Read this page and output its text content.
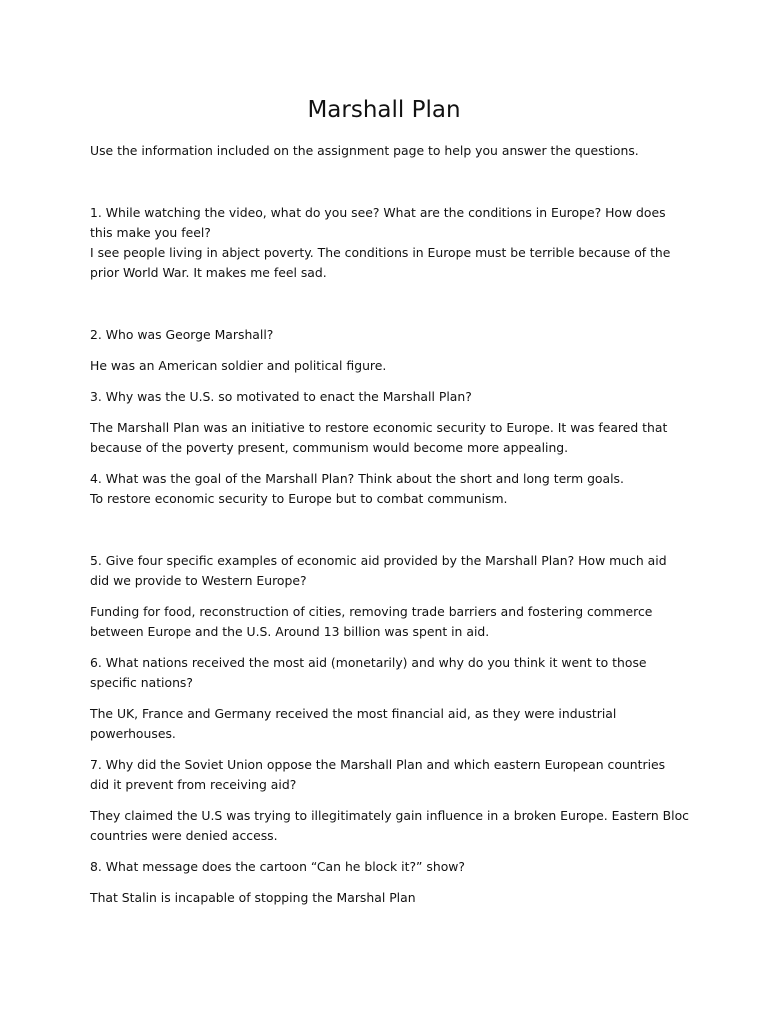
Marshall Plan

Use the information included on the assignment page to help you answer the questions.

1. While watching the video, what do you see? What are the conditions in Europe? How does

this make you feel?

I see people living in abject poverty. The conditions in Europe must be terrible because of the

prior World War. It makes me feel sad.

2. Who was George Marshall?

He was an American soldier and political figure.

3. Why was the U.S. so motivated to enact the Marshall Plan?

The Marshall Plan was an initiative to restore economic security to Europe. It was feared that

because of the poverty present, communism would become more appealing.

4. What was the goal of the Marshall Plan? Think about the short and long term goals.

To restore economic security to Europe but to combat communism.

5. Give four specific examples of economic aid provided by the Marshall Plan? How much aid

did we provide to Western Europe?

Funding for food, reconstruction of cities, removing trade barriers and fostering commerce

between Europe and the U.S. Around 13 billion was spent in aid.

6. What nations received the most aid (monetarily) and why do you think it went to those

specific nations?

The UK, France and Germany received the most financial aid, as they were industrial

powerhouses.

7. Why did the Soviet Union oppose the Marshall Plan and which eastern European countries

did it prevent from receiving aid?

They claimed the U.S was trying to illegitimately gain influence in a broken Europe. Eastern Bloc

countries were denied access.

8. What message does the cartoon “Can he block it?” show?

That Stalin is incapable of stopping the Marshal Plan
